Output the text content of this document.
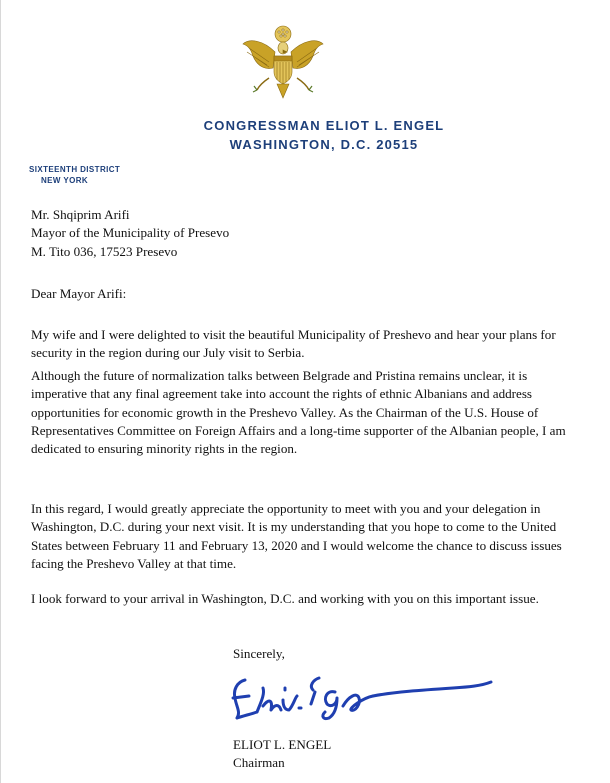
CONGRESSMAN ELIOT L. ENGEL
WASHINGTON, D.C. 20515
SIXTEENTH DISTRICT
NEW YORK
Mr. Shqiprim Arifi
Mayor of the Municipality of Presevo
M. Tito 036, 17523 Presevo
Dear Mayor Arifi:
My wife and I were delighted to visit the beautiful Municipality of Preshevo and hear your plans for security in the region during our July visit to Serbia.
Although the future of normalization talks between Belgrade and Pristina remains unclear, it is imperative that any final agreement take into account the rights of ethnic Albanians and address opportunities for economic growth in the Preshevo Valley. As the Chairman of the U.S. House of Representatives Committee on Foreign Affairs and a long-time supporter of the Albanian people, I am dedicated to ensuring minority rights in the region.
In this regard, I would greatly appreciate the opportunity to meet with you and your delegation in Washington, D.C. during your next visit. It is my understanding that you hope to come to the United States between February 11 and February 13, 2020 and I would welcome the chance to discuss issues facing the Preshevo Valley at that time.
I look forward to your arrival in Washington, D.C. and working with you on this important issue.
Sincerely,
ELIOT L. ENGEL
Chairman
